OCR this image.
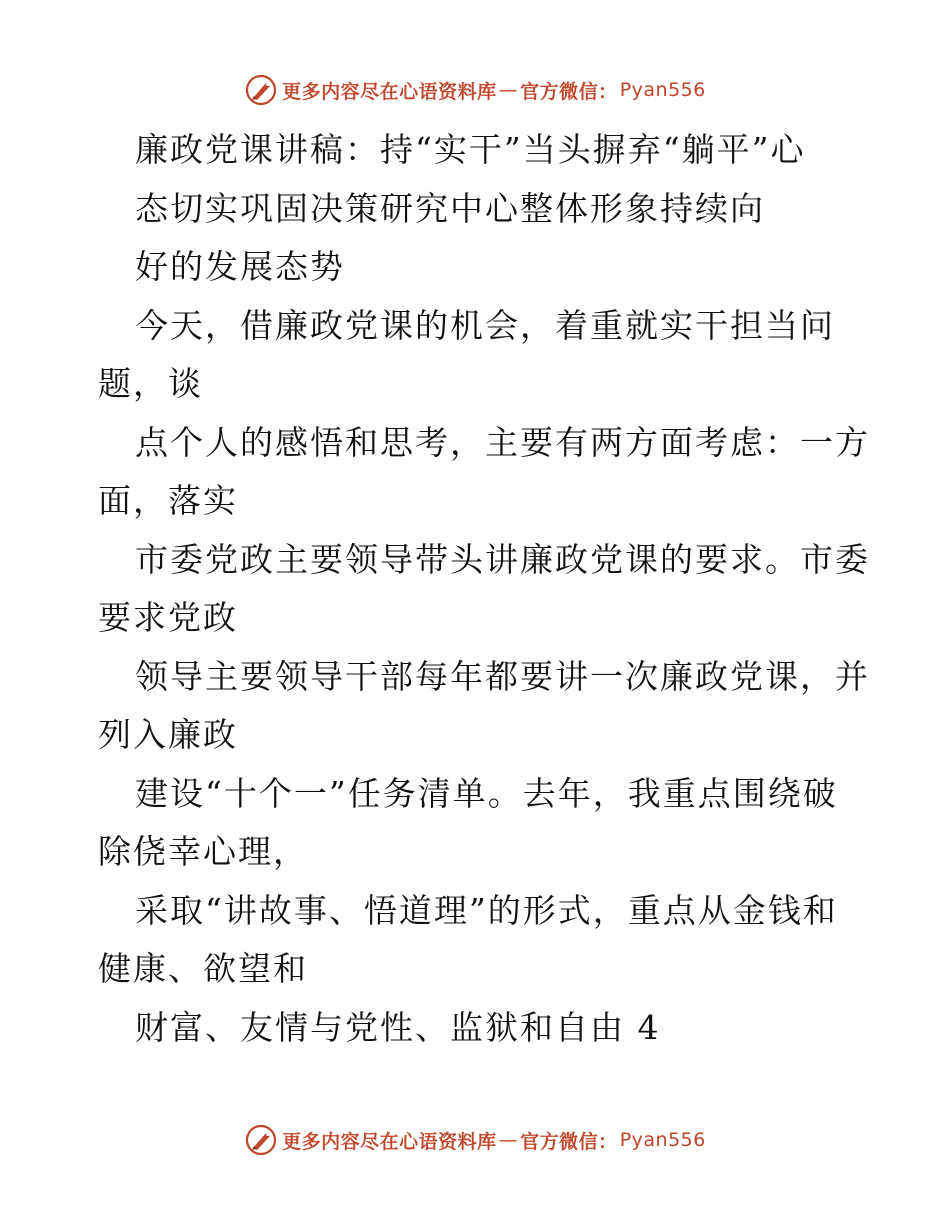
更多内容尽在心语资料库 — 官方微信： Pyan556
廉政党课讲稿：持“实干”当头摒弃“躺平”心
态切实巩固决策研究中心整体形象持续向
好的发展态势
今天，借廉政党课的机会，着重就实干担当问
题，谈
点个人的感悟和思考，主要有两方面考虑：一方
面，落实
市委党政主要领导带头讲廉政党课的要求。市委
要求党政
领导主要领导干部每年都要讲一次廉政党课，并
列入廉政
建设“十个一”任务清单。去年，我重点围绕破
除侥幸心理，
采取“讲故事、悟道理”的形式，重点从金钱和
健康、欲望和
财富、友情与党性、监狱和自由 4
更多内容尽在心语资料库 — 官方微信： Pyan556
